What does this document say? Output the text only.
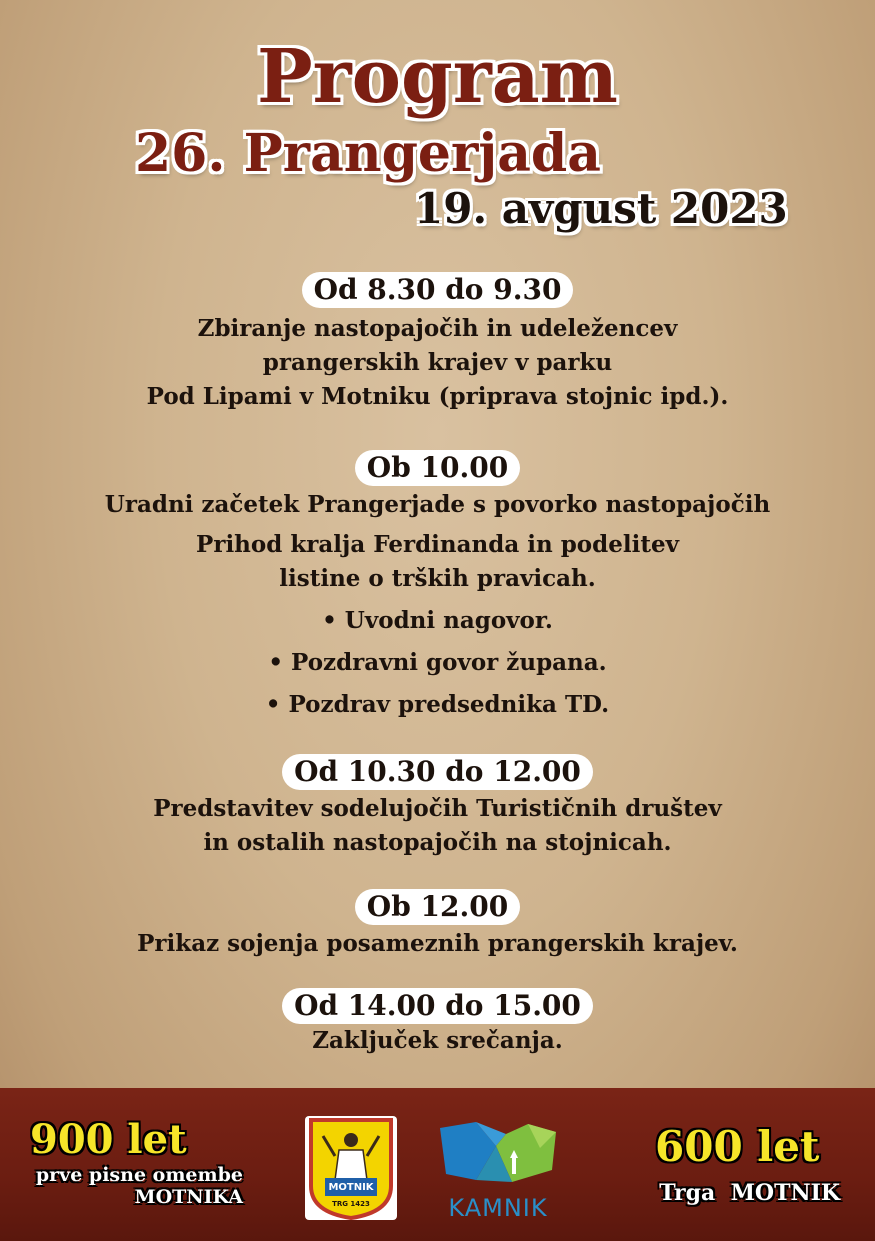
Program
26. Prangerjada
19. avgust 2023
Od 8.30 do 9.30
Zbiranje nastopajočih in udeležencev
prangerskih krajev v parku
Pod Lipami v Motniku (priprava stojnic ipd.).
Ob 10.00
Uradni začetek Prangerjade s povorko nastopajočih
Prihod kralja Ferdinanda in podelitev
listine o trških pravicah.
• Uvodni nagovor.
• Pozdravni govor župana.
• Pozdrav predsednika TD.
Od 10.30 do 12.00
Predstavitev sodelujočih Turističnih društev
in ostalih nastopajočih na stojnicah.
Ob 12.00
Prikaz sojenja posameznih prangerskih krajev.
Od 14.00 do 15.00
Zaključek srečanja.
900 let
prve pisne omembe
MOTNIKA	MOTNIK
TRG 1423	KAMNIK
600 let
Trga  MOTNIK
